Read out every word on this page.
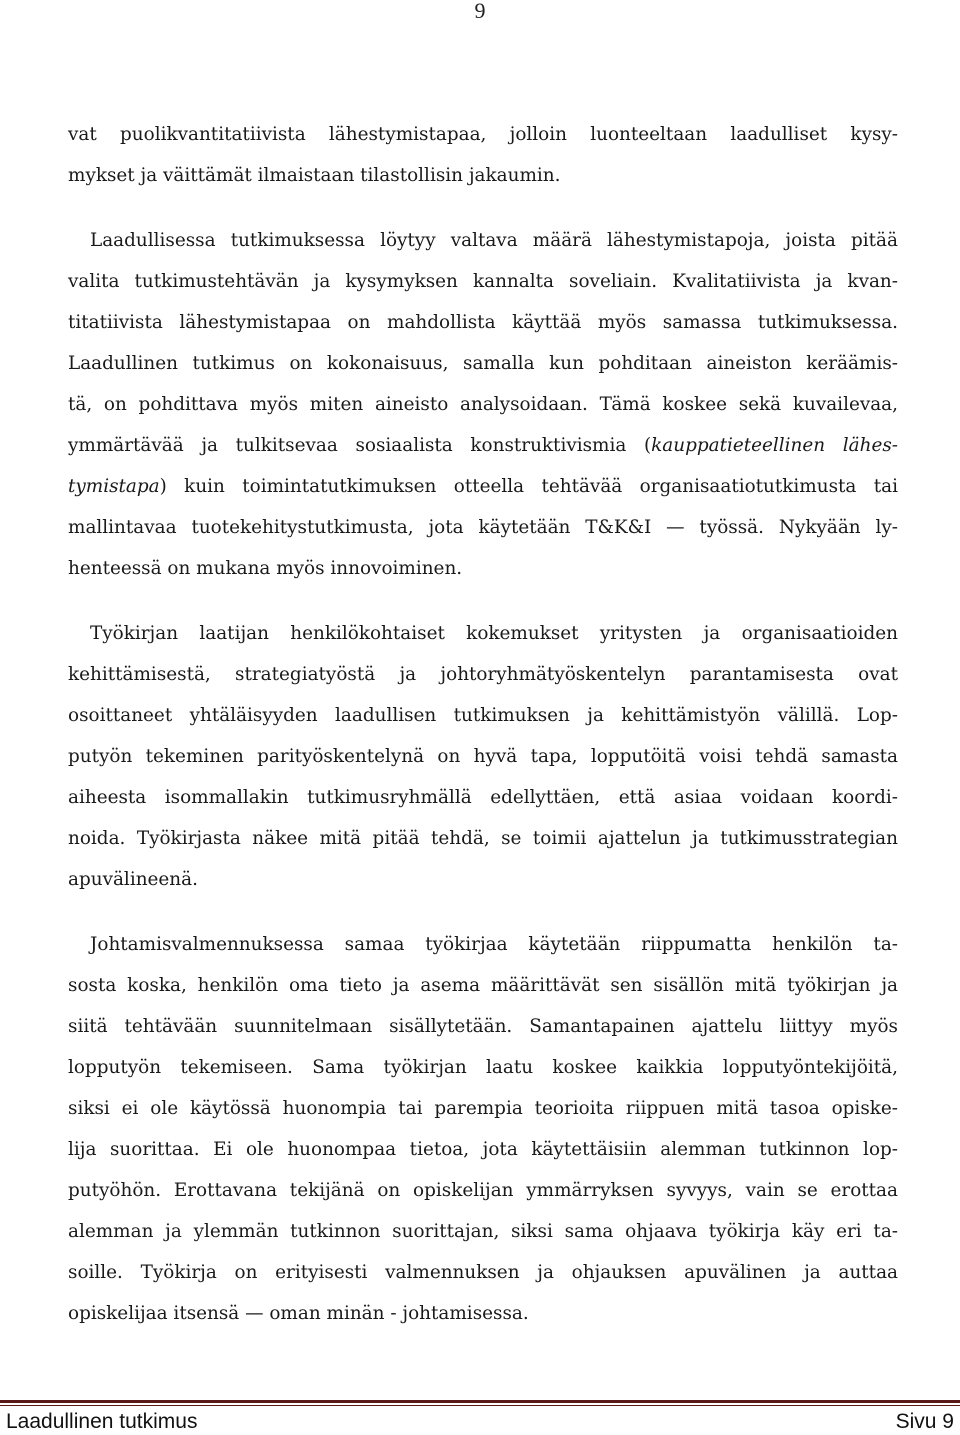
9

vat puolikvantitatiivista lähestymistapaa, jolloin luonteeltaan laadulliset kysy-
mykset ja väittämät ilmaistaan tilastollisin jakaumin.

Laadullisessa tutkimuksessa löytyy valtava määrä lähestymistapoja, joista pitää
valita tutkimustehtävän ja kysymyksen kannalta soveliain. Kvalitatiivista ja kvan-
titatiivista lähestymistapaa on mahdollista käyttää myös samassa tutkimuksessa.
Laadullinen tutkimus on kokonaisuus, samalla kun pohditaan aineiston keräämis-
tä, on pohdittava myös miten aineisto analysoidaan. Tämä koskee sekä kuvailevaa,
ymmärtävää ja tulkitsevaa sosiaalista konstruktivismia (kauppatieteellinen lähes-
tymistapa) kuin toimintatutkimuksen otteella tehtävää organisaatiotutkimusta tai
mallintavaa tuotekehitystutkimusta, jota käytetään T&K&I — työssä. Nykyään ly-
henteessä on mukana myös innovoiminen.

Työkirjan laatijan henkilökohtaiset kokemukset yritysten ja organisaatioiden
kehittämisestä, strategiatyöstä ja johtoryhmätyöskentelyn parantamisesta ovat
osoittaneet yhtäläisyyden laadullisen tutkimuksen ja kehittämistyön välillä. Lop-
putyön tekeminen parityöskentelynä on hyvä tapa, lopputöitä voisi tehdä samasta
aiheesta isommallakin tutkimusryhmällä edellyttäen, että asiaa voidaan koordi-
noida. Työkirjasta näkee mitä pitää tehdä, se toimii ajattelun ja tutkimusstrategian
apuvälineenä.

Johtamisvalmennuksessa samaa työkirjaa käytetään riippumatta henkilön ta-
sosta koska, henkilön oma tieto ja asema määrittävät sen sisällön mitä työkirjan ja
siitä tehtävään suunnitelmaan sisällytetään. Samantapainen ajattelu liittyy myös
lopputyön tekemiseen. Sama työkirjan laatu koskee kaikkia lopputyöntekijöitä,
siksi ei ole käytössä huonompia tai parempia teorioita riippuen mitä tasoa opiske-
lija suorittaa. Ei ole huonompaa tietoa, jota käytettäisiin alemman tutkinnon lop-
putyöhön. Erottavana tekijänä on opiskelijan ymmärryksen syvyys, vain se erottaa
alemman ja ylemmän tutkinnon suorittajan, siksi sama ohjaava työkirja käy eri ta-
soille. Työkirja on erityisesti valmennuksen ja ohjauksen apuvälinen ja auttaa
opiskelijaa itsensä — oman minän - johtamisessa.

Laadullinen tutkimus	Sivu 9
